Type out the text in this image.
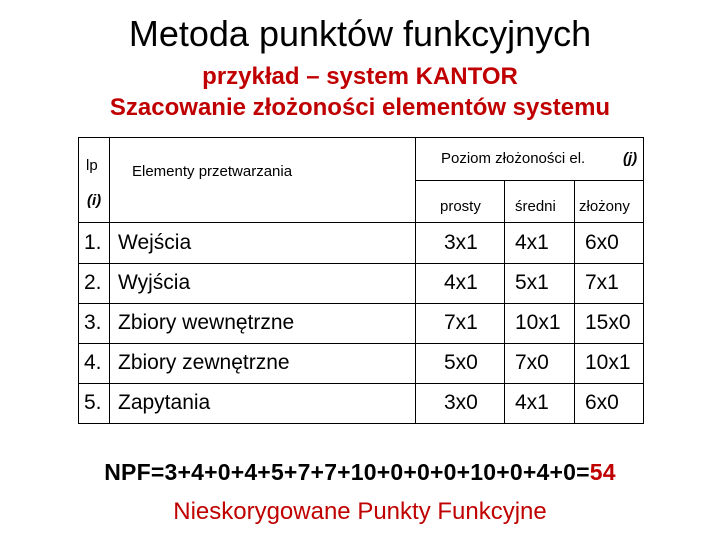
Metoda punktów funkcyjnych
przykład – system KANTOR
Szacowanie złożoności elementów systemu
lp
(i)
Elementy przetwarzania
Poziom złożoności el.	(j)
prosty średni złożony
1. Wejścia	3x1 4x1 6x0
2. Wyjścia	4x1 5x1 7x1
3. Zbiory wewnętrzne	7x1 10x1 15x0
4. Zbiory zewnętrzne	5x0 7x0 10x1
5. Zapytania	3x0 4x1 6x0
NPF=3+4+0+4+5+7+7+10+0+0+0+10+0+4+0=54
Nieskorygowane Punkty Funkcyjne
